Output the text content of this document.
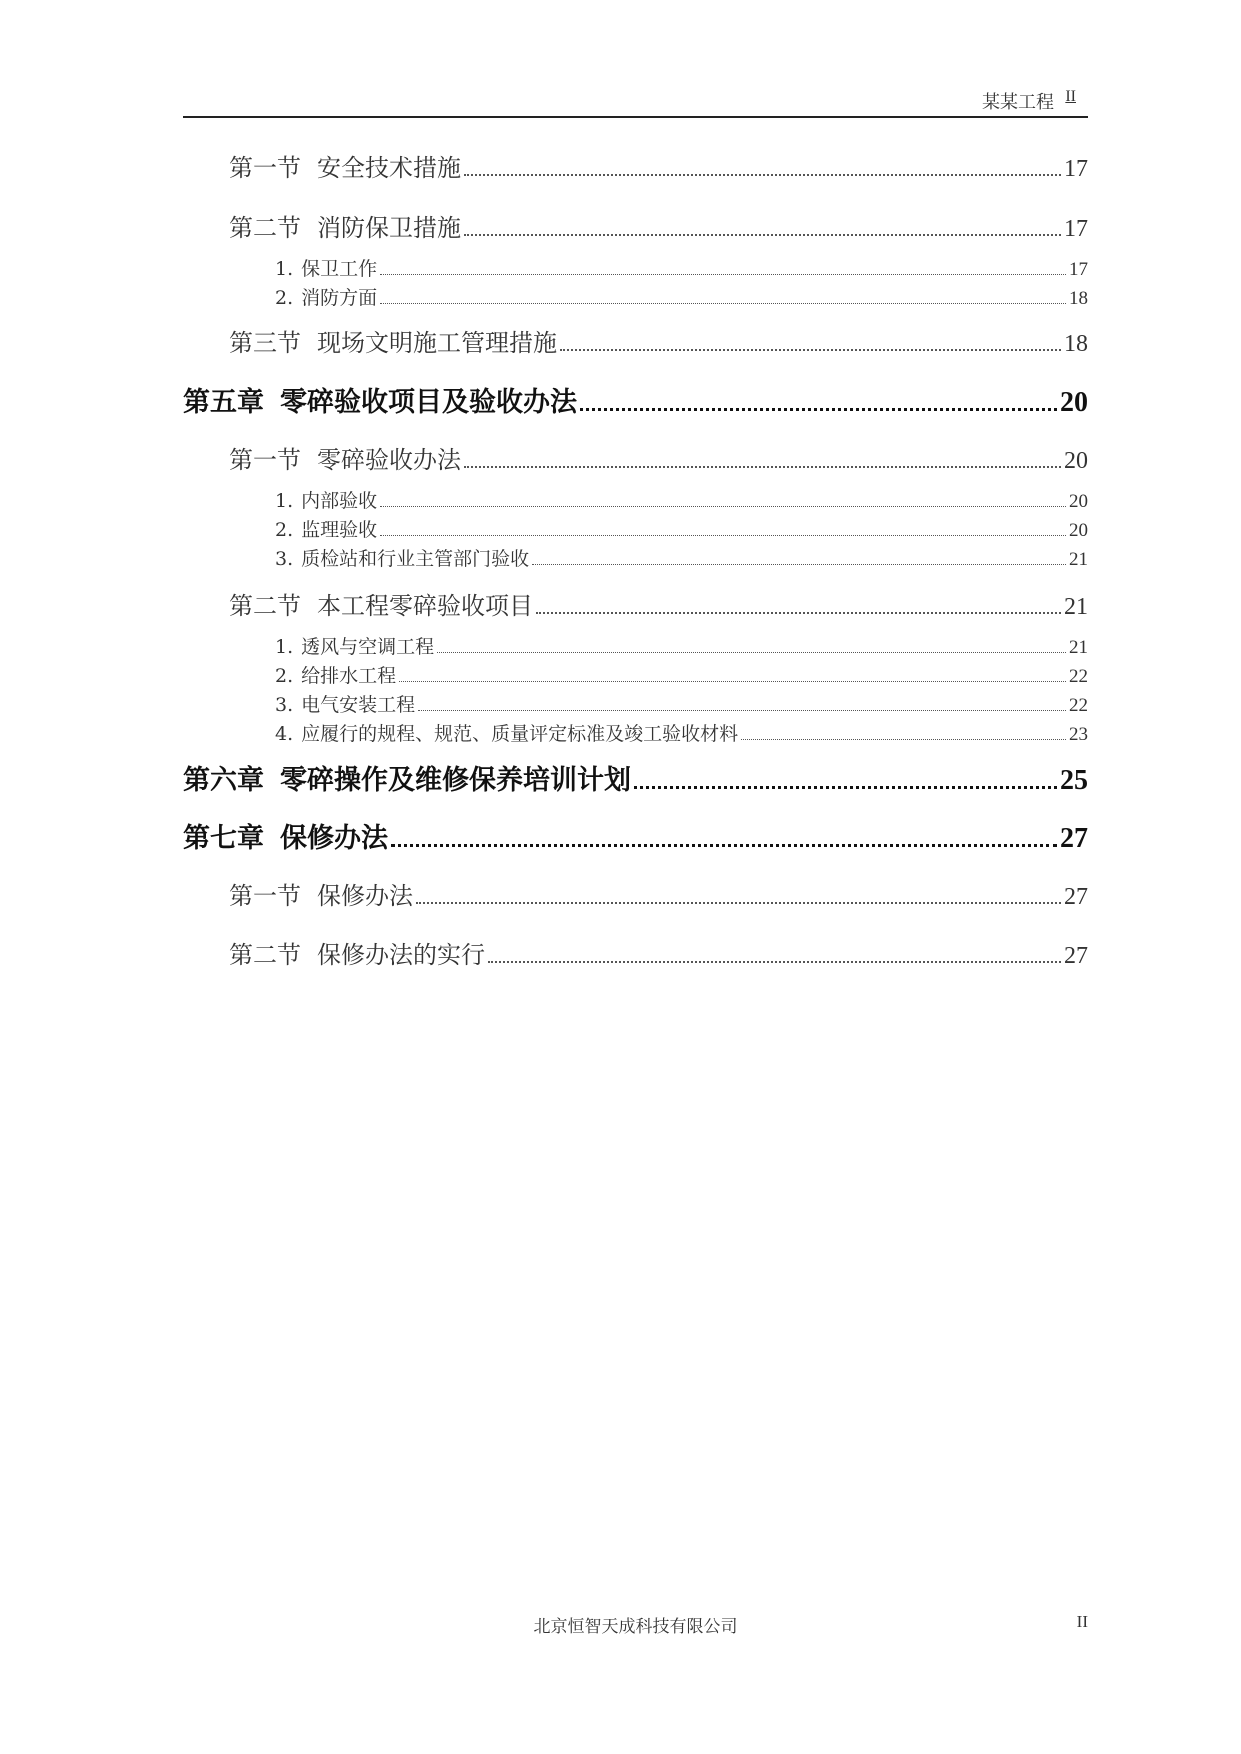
某某工程 II
第一节 安全技术措施	17
第二节 消防保卫措施	17
1. 保卫工作	17
2. 消防方面	18
第三节 现场文明施工管理措施	18
第五章 零碎验收项目及验收办法	20
第一节 零碎验收办法	20
1. 内部验收	20
2. 监理验收	20
3. 质检站和行业主管部门验收	21
第二节 本工程零碎验收项目	21
1. 透风与空调工程	21
2. 给排水工程	22
3. 电气安装工程	22
4. 应履行的规程、规范、质量评定标准及竣工验收材料	23
第六章 零碎操作及维修保养培训计划	25
第七章 保修办法	27
第一节 保修办法	27
第二节 保修办法的实行	27
北京恒智天成科技有限公司	II
